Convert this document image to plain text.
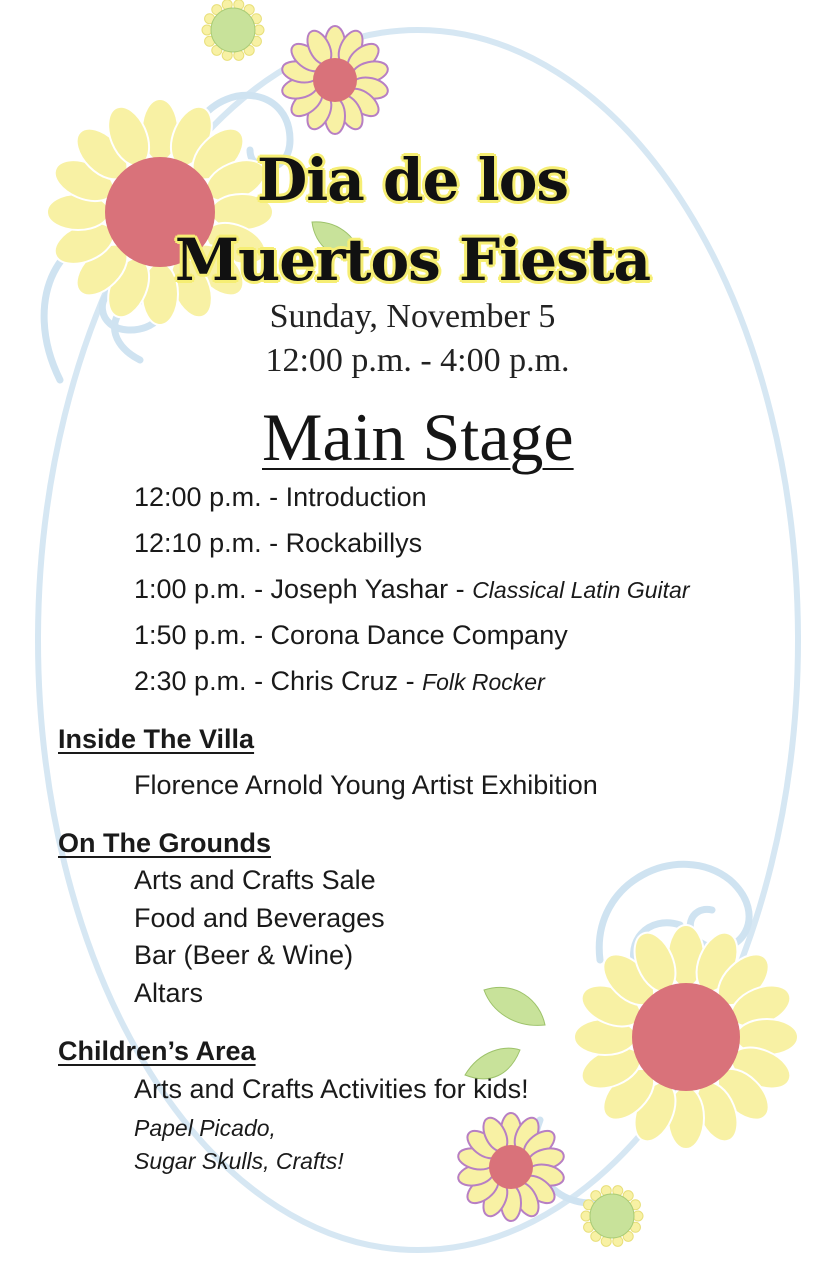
Dia de los
Muertos Fiesta
Sunday, November 5
12:00 p.m. - 4:00 p.m.
Main Stage
12:00 p.m. - Introduction
12:10 p.m. - Rockabillys
1:00 p.m. - Joseph Yashar - Classical Latin Guitar
1:50 p.m. - Corona Dance Company
2:30 p.m. - Chris Cruz - Folk Rocker
Inside The Villa
Florence Arnold Young Artist Exhibition
On The Grounds
Arts and Crafts Sale
Food and Beverages
Bar (Beer & Wine)
Altars
Children’s Area
Arts and Crafts Activities for kids!
Papel Picado,
Sugar Skulls, Crafts!
